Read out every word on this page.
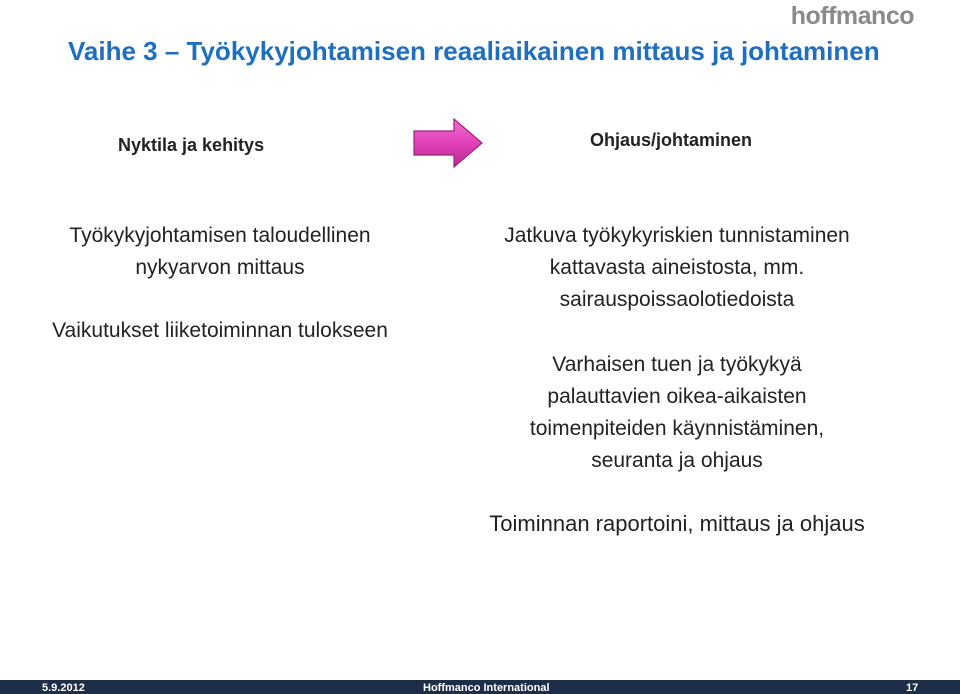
hoffmanco
Vaihe 3 – Työkykyjohtamisen reaaliaikainen mittaus ja johtaminen
Nyktila ja kehitys	Ohjaus/johtaminen
Työkykyjohtamisen taloudellinen
nykyarvon mittaus
Vaikutukset liiketoiminnan tulokseen
Jatkuva työkykyriskien tunnistaminen
kattavasta aineistosta, mm.
sairauspoissaolotiedoista
Varhaisen tuen ja työkykyä
palauttavien oikea-aikaisten
toimenpiteiden käynnistäminen,
seuranta ja ohjaus
Toiminnan raportoini, mittaus ja ohjaus
5.9.2012	Hoffmanco International	17
